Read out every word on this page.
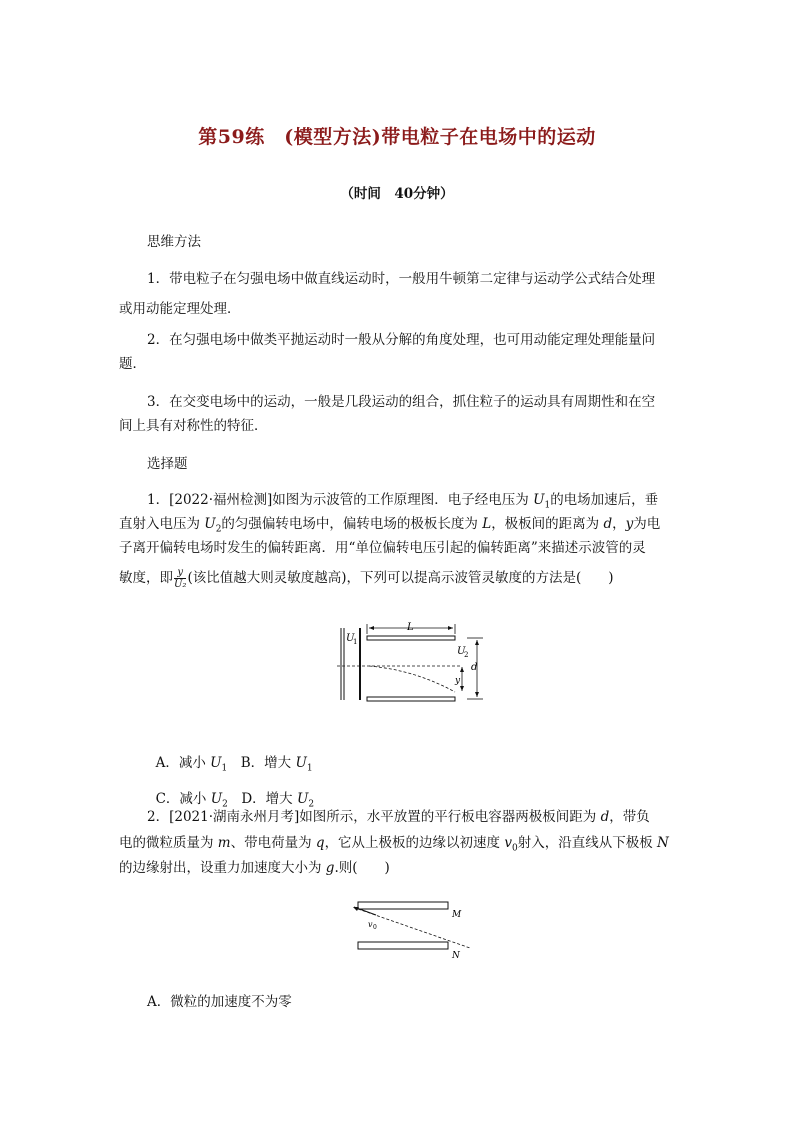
第59练　(模型方法)带电粒子在电场中的运动
（时间　40分钟）
思维方法
1．带电粒子在匀强电场中做直线运动时，一般用牛顿第二定律与运动学公式结合处理
或用动能定理处理．
2．在匀强电场中做类平抛运动时一般从分解的角度处理，也可用动能定理处理能量问
题．
3．在交变电场中的运动，一般是几段运动的组合，抓住粒子的运动具有周期性和在空
间上具有对称性的特征．
选择题
1．[2022·福州检测]如图为示波管的工作原理图．电子经电压为 $U_1$的电场加速后，垂
直射入电压为 $U_2$的匀强偏转电场中，偏转电场的极板长度为 L，极板间的距离为 d，y为电
子离开偏转电场时发生的偏转距离．用“单位偏转电压引起的偏转距离”来描述示波管的灵
敏度，即 $\frac{y}{\text{U₂}}$ (该比值越大则灵敏度越高)，下列可以提高示波管灵敏度的方法是(　　)
L
d
y
U
1
U
2

A．减小 $U_1$　B．增大 $U_1$

C．减小 $U_2$　D．增大 $U_2$

2．[2021·湖南永州月考]如图所示，水平放置的平行板电容器两极板间距为 d，带负
电的微粒质量为 m、带电荷量为 q，它从上极板的边缘以初速度 $v_0$射入，沿直线从下极板 N
的边缘射出，设重力加速度大小为 g.则(　　)
M
N
v 0
A．微粒的加速度不为零
